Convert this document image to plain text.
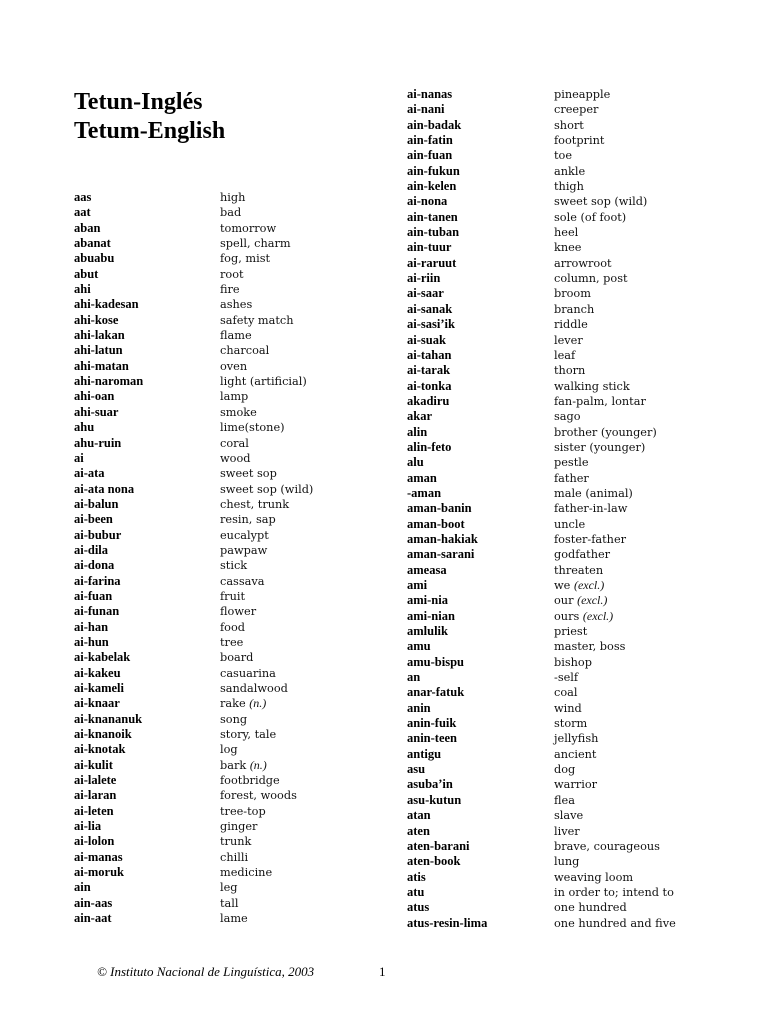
Tetun-Inglés
Tetum-English
aas	high
aat	bad
aban	tomorrow
abanat	spell, charm
abuabu	fog, mist
abut	root
ahi	fire
ahi-kadesan	ashes
ahi-kose	safety match
ahi-lakan	flame
ahi-latun	charcoal
ahi-matan	oven
ahi-naroman	light (artificial)
ahi-oan	lamp
ahi-suar	smoke
ahu	lime(stone)
ahu-ruin	coral
ai	wood
ai-ata	sweet sop
ai-ata nona	sweet sop (wild)
ai-balun	chest, trunk
ai-been	resin, sap
ai-bubur	eucalypt
ai-dila	pawpaw
ai-dona	stick
ai-farina	cassava
ai-fuan	fruit
ai-funan	flower
ai-han	food
ai-hun	tree
ai-kabelak	board
ai-kakeu	casuarina
ai-kameli	sandalwood
ai-knaar	rake (n.)
ai-knananuk	song
ai-knanoik	story, tale
ai-knotak	log
ai-kulit	bark (n.)
ai-lalete	footbridge
ai-laran	forest, woods
ai-leten	tree-top
ai-lia	ginger
ai-lolon	trunk
ai-manas	chilli
ai-moruk	medicine
ain	leg
ain-aas	tall
ain-aat	lame
ai-nanas	pineapple
ai-nani	creeper
ain-badak	short
ain-fatin	footprint
ain-fuan	toe
ain-fukun	ankle
ain-kelen	thigh
ai-nona	sweet sop (wild)
ain-tanen	sole (of foot)
ain-tuban	heel
ain-tuur	knee
ai-raruut	arrowroot
ai-riin	column, post
ai-saar	broom
ai-sanak	branch
ai-sasi’ik	riddle
ai-suak	lever
ai-tahan	leaf
ai-tarak	thorn
ai-tonka	walking stick
akadiru	fan-palm, lontar
akar	sago
alin	brother (younger)
alin-feto	sister (younger)
alu	pestle
aman	father
-aman	male (animal)
aman-banin	father-in-law
aman-boot	uncle
aman-hakiak	foster-father
aman-sarani	godfather
ameasa	threaten
ami	we (excl.)
ami-nia	our (excl.)
ami-nian	ours (excl.)
amlulik	priest
amu	master, boss
amu-bispu	bishop
an	-self
anar-fatuk	coal
anin	wind
anin-fuik	storm
anin-teen	jellyfish
antigu	ancient
asu	dog
asuba’in	warrior
asu-kutun	flea
atan	slave
aten	liver
aten-barani	brave, courageous
aten-book	lung
atis	weaving loom
atu	in order to; intend to
atus	one hundred
atus-resin-lima	one hundred and five
© Instituto Nacional de Linguística, 2003	1
